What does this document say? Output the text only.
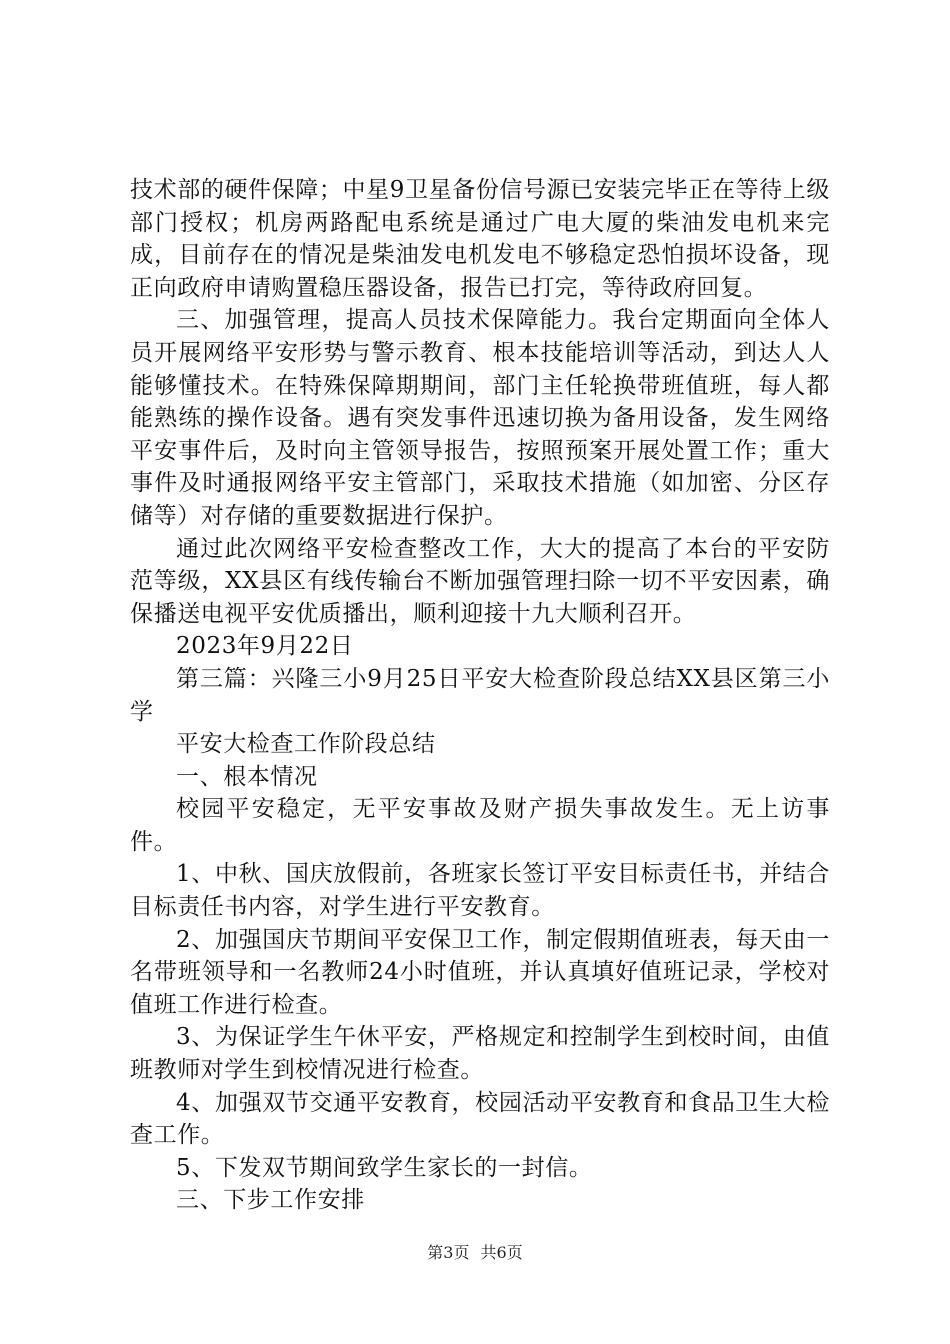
技术部的硬件保障；中星9卫星备份信号源已安装完毕正在等待上级部门授权；机房两路配电系统是通过广电大厦的柴油发电机来完成，目前存在的情况是柴油发电机发电不够稳定恐怕损坏设备，现正向政府申请购置稳压器设备，报告已打完，等待政府回复。

三、加强管理，提高人员技术保障能力。我台定期面向全体人员开展网络平安形势与警示教育、根本技能培训等活动，到达人人能够懂技术。在特殊保障期期间，部门主任轮换带班值班，每人都能熟练的操作设备。遇有突发事件迅速切换为备用设备，发生网络平安事件后，及时向主管领导报告，按照预案开展处置工作；重大事件及时通报网络平安主管部门，采取技术措施（如加密、分区存储等）对存储的重要数据进行保护。

通过此次网络平安检查整改工作，大大的提高了本台的平安防范等级，XX县区有线传输台不断加强管理扫除一切不平安因素，确保播送电视平安优质播出，顺利迎接十九大顺利召开。

2023年9月22日

第三篇：兴隆三小9月25日平安大检查阶段总结XX县区第三小学

平安大检查工作阶段总结

一、根本情况

校园平安稳定，无平安事故及财产损失事故发生。无上访事件。

1、中秋、国庆放假前，各班家长签订平安目标责任书，并结合目标责任书内容，对学生进行平安教育。

2、加强国庆节期间平安保卫工作，制定假期值班表，每天由一名带班领导和一名教师24小时值班，并认真填好值班记录，学校对值班工作进行检查。

3、为保证学生午休平安，严格规定和控制学生到校时间，由值班教师对学生到校情况进行检查。

4、加强双节交通平安教育，校园活动平安教育和食品卫生大检查工作。

5、下发双节期间致学生家长的一封信。

三、下步工作安排

第3页 共6页
